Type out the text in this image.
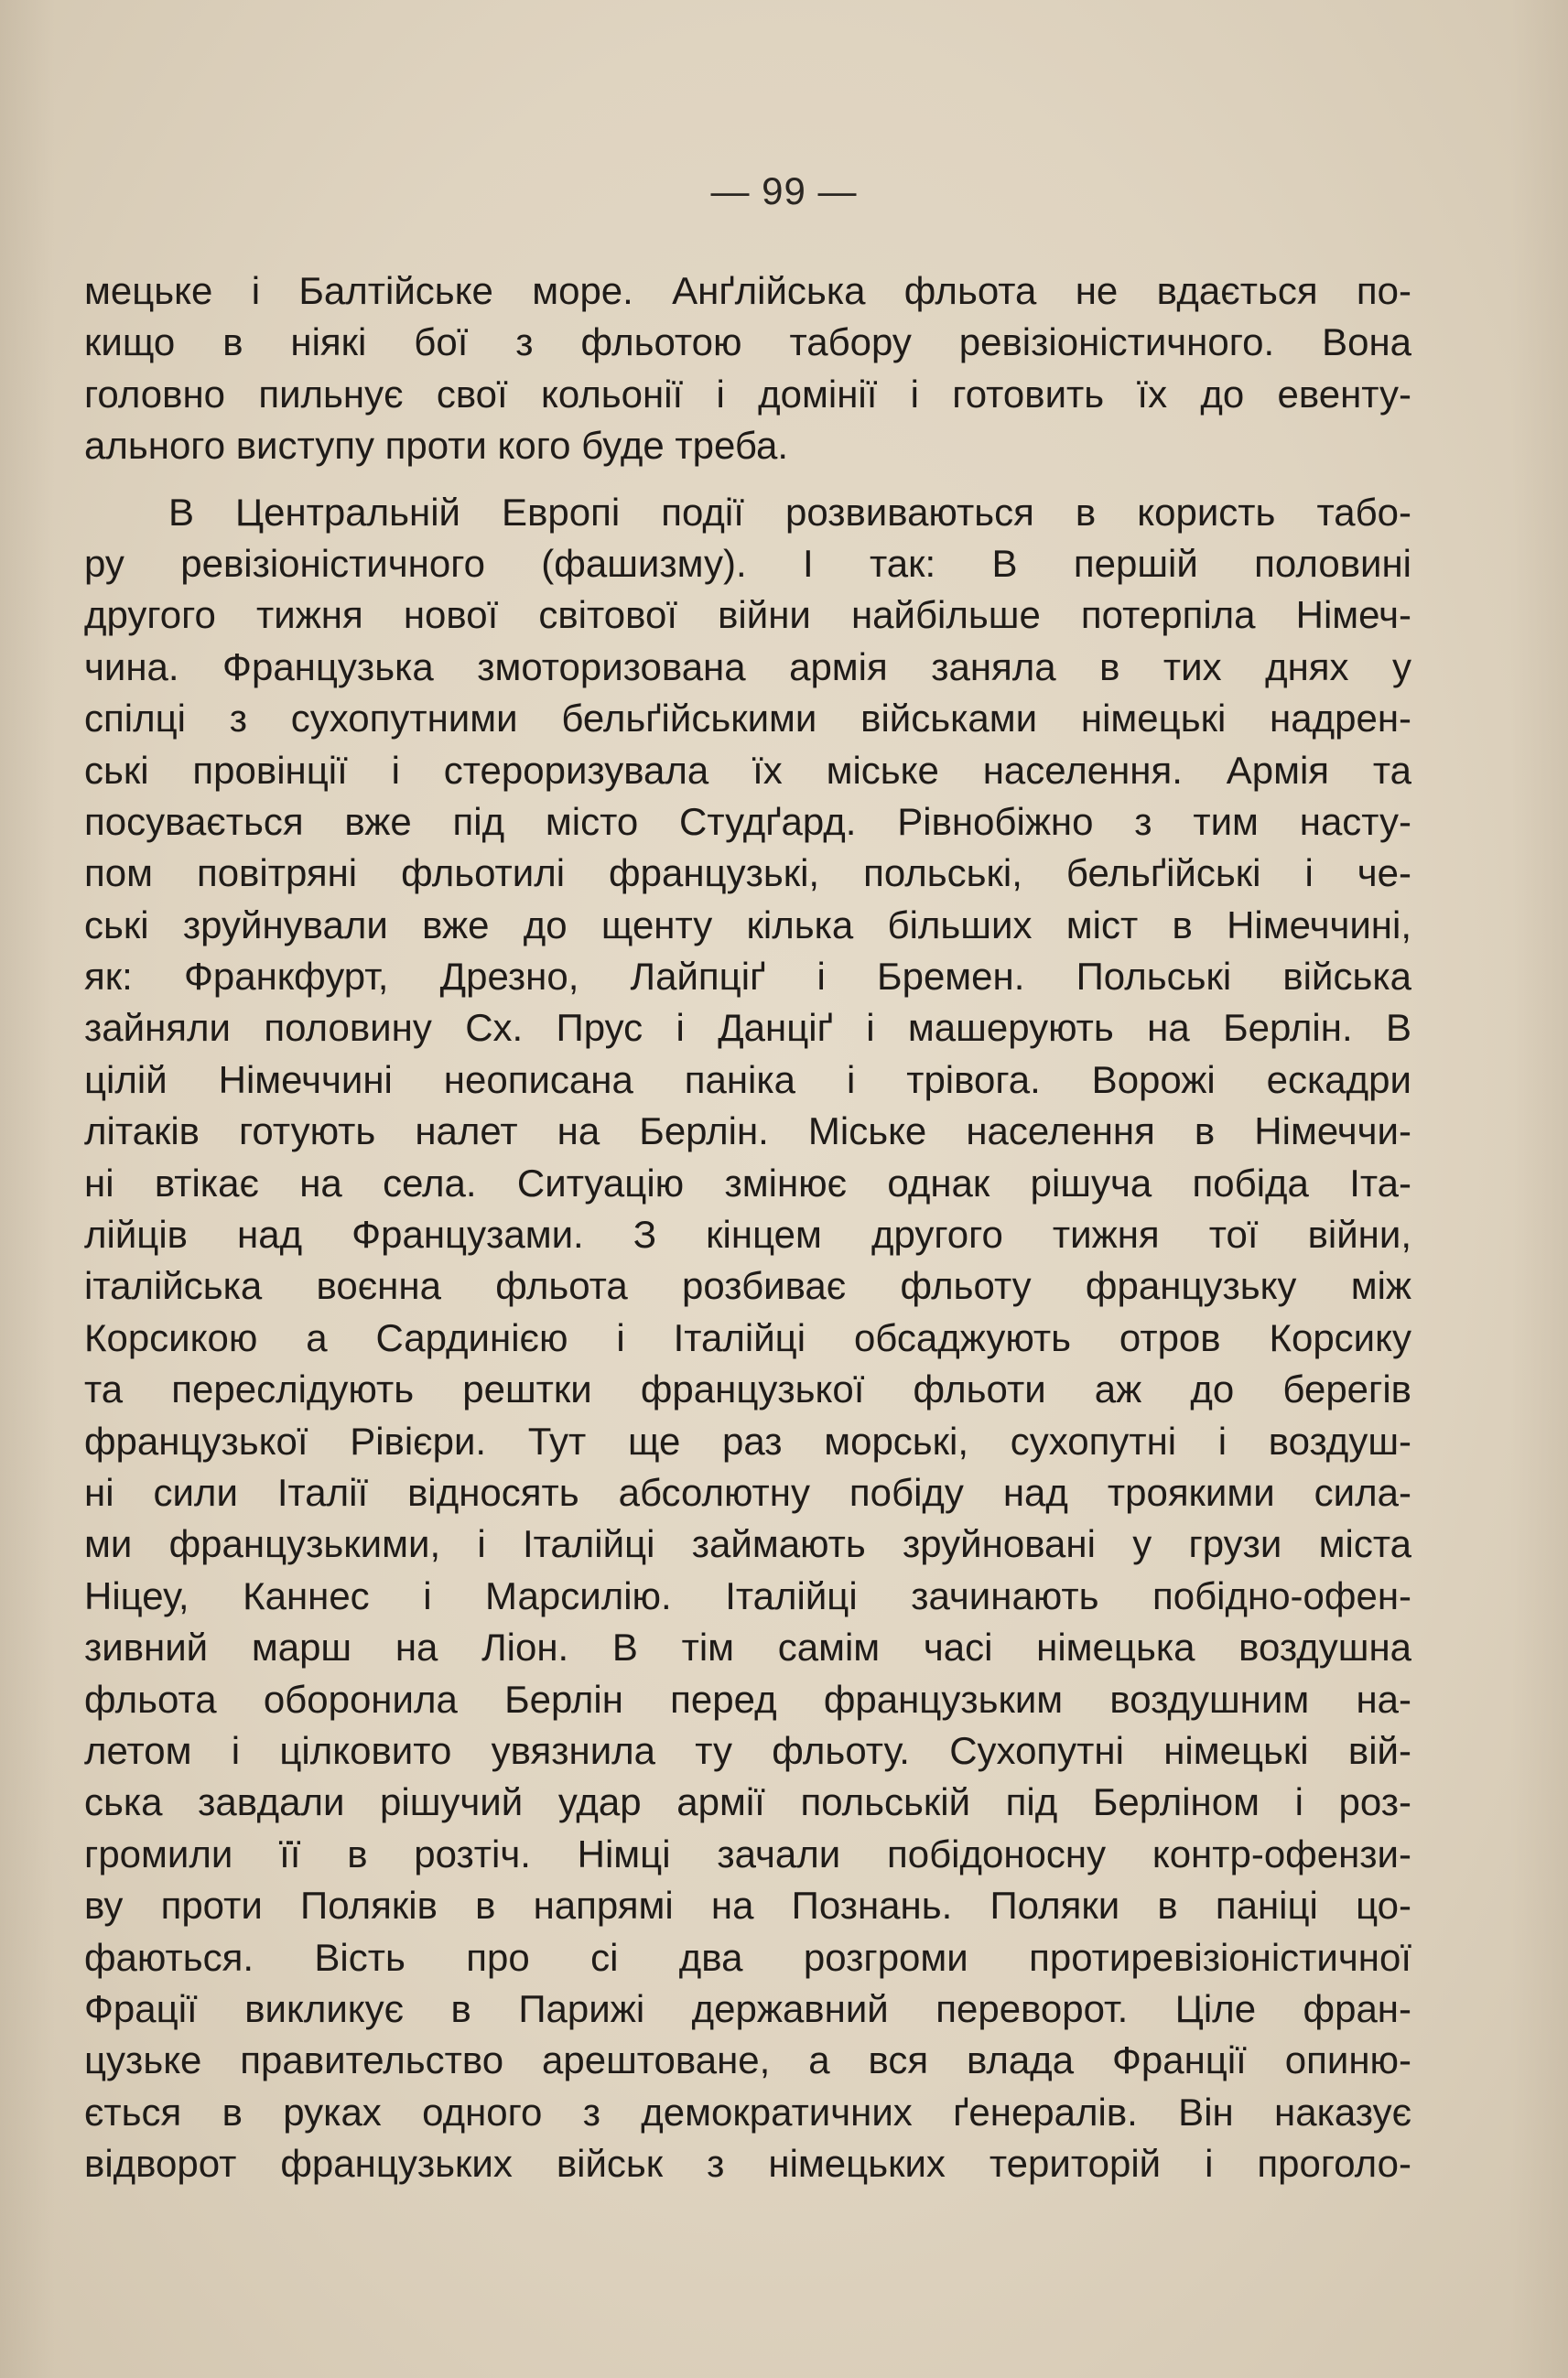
— 99 —
мецьке і Балтійське море. Анґлійська фльота не вдається по-
кищо в ніякі бої з фльотою табору ревізіоністичного. Вона
головно пильнує свої кольонії і домінії і готовить їх до евенту-
ального виступу проти кого буде треба.
В Центральній Европі події розвиваються в користь табо-
ру ревізіоністичного (фашизму). І так: В першій половині
другого тижня нової світової війни найбільше потерпіла Німеч-
чина. Французька змоторизована армія заняла в тих днях у
спілці з сухопутними бельґійськими військами німецькі надрен-
ські провінції і стероризувала їх міське населення. Армія та
посувається вже під місто Студґард. Рівнобіжно з тим насту-
пом повітряні фльотилі французькі, польські, бельґійські і че-
ські зруйнували вже до щенту кілька більших міст в Німеччині,
як: Франкфурт, Дрезно, Лайпціґ і Бремен. Польські війська
зайняли половину Сх. Прус і Данціґ і машерують на Берлін. В
цілій Німеччині неописана паніка і трівога. Ворожі ескадри
літаків готують налет на Берлін. Міське населення в Німеччи-
ні втікає на села. Ситуацію змінює однак рішуча побіда Іта-
лійців над Французами. З кінцем другого тижня тої війни,
італійська воєнна фльота розбиває фльоту французьку між
Корсикою а Сардинією і Італійці обсаджують отров Корсику
та переслідують рештки французької фльоти аж до берегів
французької Рівієри. Тут ще раз морські, сухопутні і воздуш-
ні сили Італії відносять абсолютну побіду над троякими сила-
ми французькими, і Італійці займають зруйновані у грузи міста
Ніцеу, Каннес і Марсилію. Італійці зачинають побідно-офен-
зивний марш на Ліон. В тім самім часі німецька воздушна
фльота оборонила Берлін перед французьким воздушним на-
летом і цілковито увязнила ту фльоту. Сухопутні німецькі вій-
ська завдали рішучий удар армії польській під Берліном і роз-
громили її в розтіч. Німці зачали побідоносну контр-офензи-
ву проти Поляків в напрямі на Познань. Поляки в паніці цо-
фаються. Вість про сі два розгроми протиревізіоністичної
Фрації викликує в Парижі державний переворот. Ціле фран-
цузьке правительство арештоване, а вся влада Франції опиню-
ється в руках одного з демократичних ґенералів. Він наказує
відворот французьких військ з німецьких територій і проголо-
